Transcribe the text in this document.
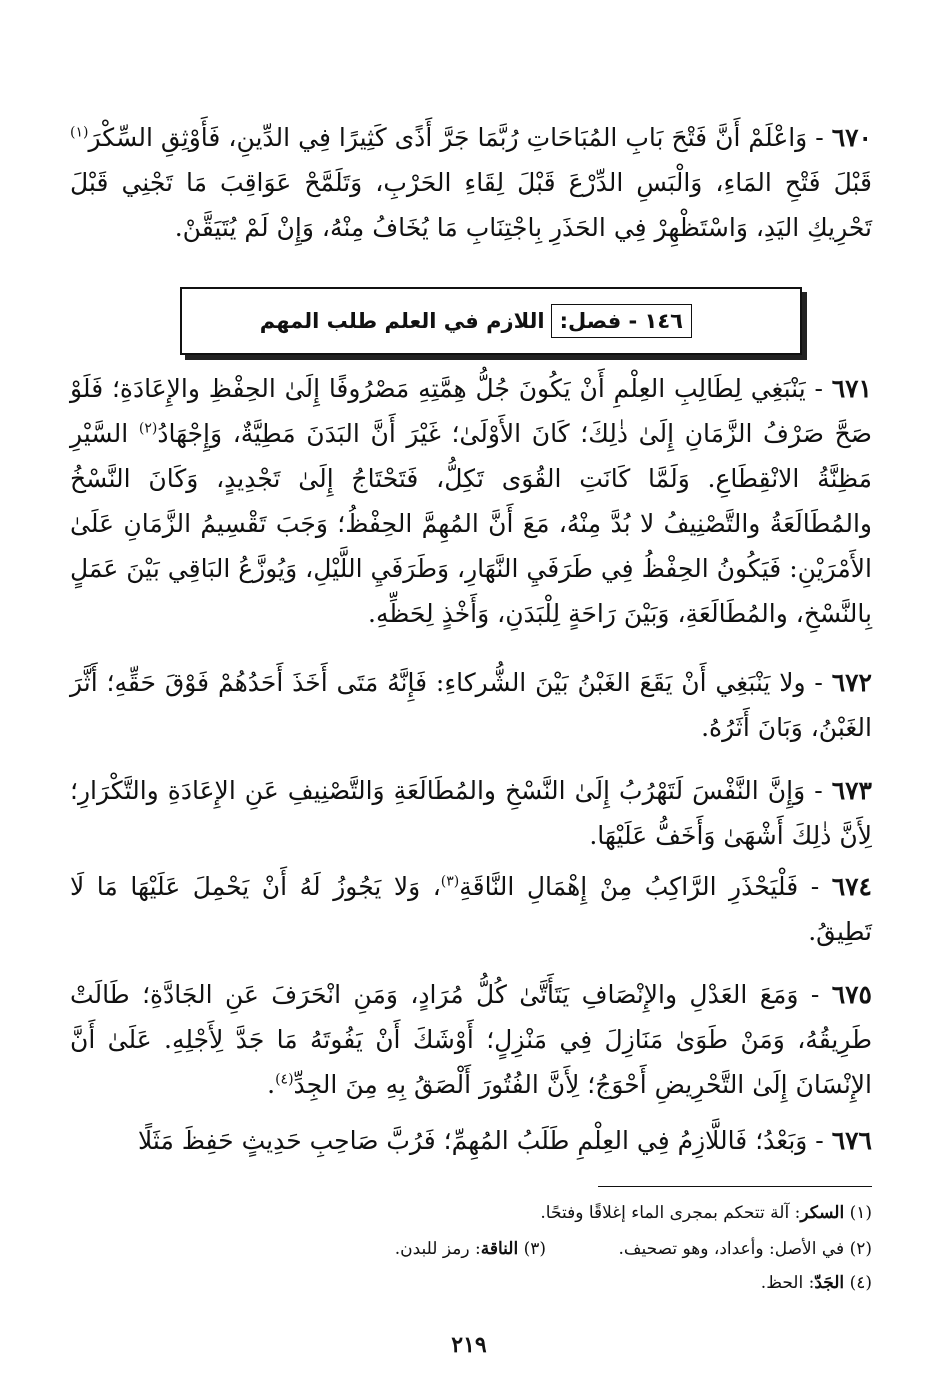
٦٧٠ - وَاعْلَمْ أَنَّ فَتْحَ بَابِ المُبَاحَاتِ رُبَّمَا جَرَّ أَذًى كَثِيرًا فِي الدِّينِ، فَأَوْثِقِ السِّكْرَ$^{(١)}$ قَبْلَ فَتْحِ المَاءِ، وَالْبَسِ الدِّرْعَ قَبْلَ لِقَاءِ الحَرْبِ، وَتَلَمَّحْ عَوَاقِبَ مَا تَجْنِي قَبْلَ تَحْرِيكِ اليَدِ، وَاسْتَظْهِرْ فِي الحَذَرِ بِاجْتِنَابِ مَا يُخَافُ مِنْهُ، وَإِنْ لَمْ يُتَيَقَّنْ.

١٤٦ - فصل:
اللازم في العلم طلب المهم

٦٧١ - يَنْبَغِي لِطَالِبِ العِلْمِ أَنْ يَكُونَ جُلُّ هِمَّتِهِ مَصْرُوفًا إِلَىٰ الحِفْظِ والإِعَادَةِ؛ فَلَوْ صَحَّ صَرْفُ الزَّمَانِ إِلَىٰ ذٰلِكَ؛ كَانَ الأَوْلَىٰ؛ غَيْرَ أَنَّ البَدَنَ مَطِيَّةٌ، وَإِجْهَادُ$^{(٢)}$ السَّيْرِ مَظِنَّةُ الانْقِطَاعِ. وَلَمَّا كَانَتِ القُوَى تَكِلُّ، فَتَحْتَاجُ إِلَىٰ تَجْدِيدٍ، وَكَانَ النَّسْخُ والمُطَالَعَةُ والتَّصْنِيفُ لا بُدَّ مِنْهُ، مَعَ أَنَّ المُهِمَّ الحِفْظُ؛ وَجَبَ تَقْسِيمُ الزَّمَانِ عَلَىٰ الأَمْرَيْنِ: فَيَكُونُ الحِفْظُ فِي طَرَفَيِ النَّهَارِ، وَطَرَفَيِ اللَّيْلِ، وَيُوزَّعُ البَاقِي بَيْنَ عَمَلٍ بِالنَّسْخِ، والمُطَالَعَةِ، وَبَيْنَ رَاحَةٍ لِلْبَدَنِ، وَأَخْذٍ لِحَظِّهِ.

٦٧٢ - ولا يَنْبَغِي أَنْ يَقَعَ الغَبْنُ بَيْنَ الشُّركاءِ: فَإِنَّهُ مَتَى أَخَذَ أَحَدُهُمْ فَوْقَ حَقِّهِ؛ أَثَّرَ الغَبْنُ، وَبَانَ أَثَرُهُ.

٦٧٣ - وَإِنَّ النَّفْسَ لَتَهْرُبُ إِلَىٰ النَّسْخِ والمُطَالَعَةِ وَالتَّصْنِيفِ عَنِ الإِعَادَةِ والتَّكْرَارِ؛ لِأَنَّ ذٰلِكَ أَشْهَىٰ وَأَخَفُّ عَلَيْهَا.

٦٧٤ - فَلْيَحْذَرِ الرَّاكِبُ مِنْ إِهْمَالِ النَّاقَةِ$^{(٣)}$، وَلا يَجُوزُ لَهُ أَنْ يَحْمِلَ عَلَيْهَا مَا لَا تَطِيقُ.

٦٧٥ - وَمَعَ العَدْلِ والإِنْصَافِ يَتَأَتَّىٰ كُلُّ مُرَادٍ، وَمَنِ انْحَرَفَ عَنِ الجَادَّةِ؛ طَالَتْ طَرِيقُهُ، وَمَنْ طَوَىٰ مَنَازِلَ فِي مَنْزِلٍ؛ أَوْشَكَ أَنْ يَفُوتَهُ مَا جَدَّ لِأَجْلِهِ. عَلَىٰ أَنَّ الإِنْسَانَ إِلَىٰ التَّحْرِيضِ أَحْوَجُ؛ لِأَنَّ الفُتُورَ أَلْصَقُ بِهِ مِنَ الجِدِّ$^{(٤)}$.

٦٧٦ - وَبَعْدُ؛ فَاللَّازِمُ فِي العِلْمِ طَلَبُ المُهِمِّ؛ فَرُبَّ صَاحِبِ حَدِيثٍ حَفِظَ مَثَلًا

(١) السكر: آلة تتحكم بمجرى الماء إغلاقًا وفتحًا.
(٢) في الأصل: وأعداد، وهو تصحيف.
(٣) الناقة: رمز للبدن.
(٤) الجَدّ: الحظ.
٢١٩
